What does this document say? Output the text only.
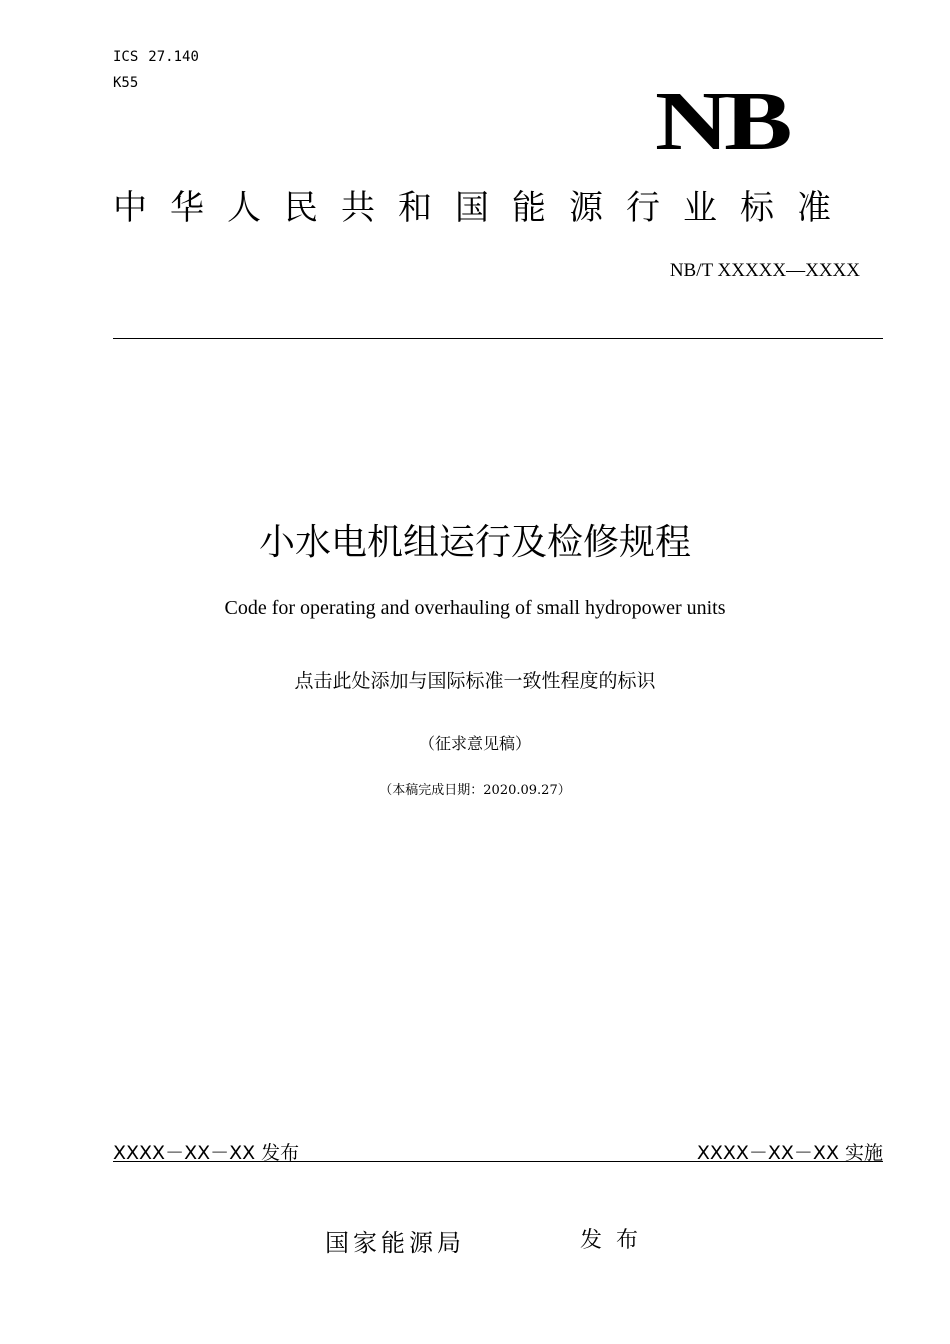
ICS 27.140
K55	NB
中华人民共和国能源行业标准
NB/T XXXXX—XXXX
小水电机组运行及检修规程
Code for operating and overhauling of small hydropower units
点击此处添加与国际标准一致性程度的标识
（征求意见稿）
（本稿完成日期：2020.09.27）
XXXX－XX－XX 发布	XXXX－XX－XX 实施
国家能源局	发布
